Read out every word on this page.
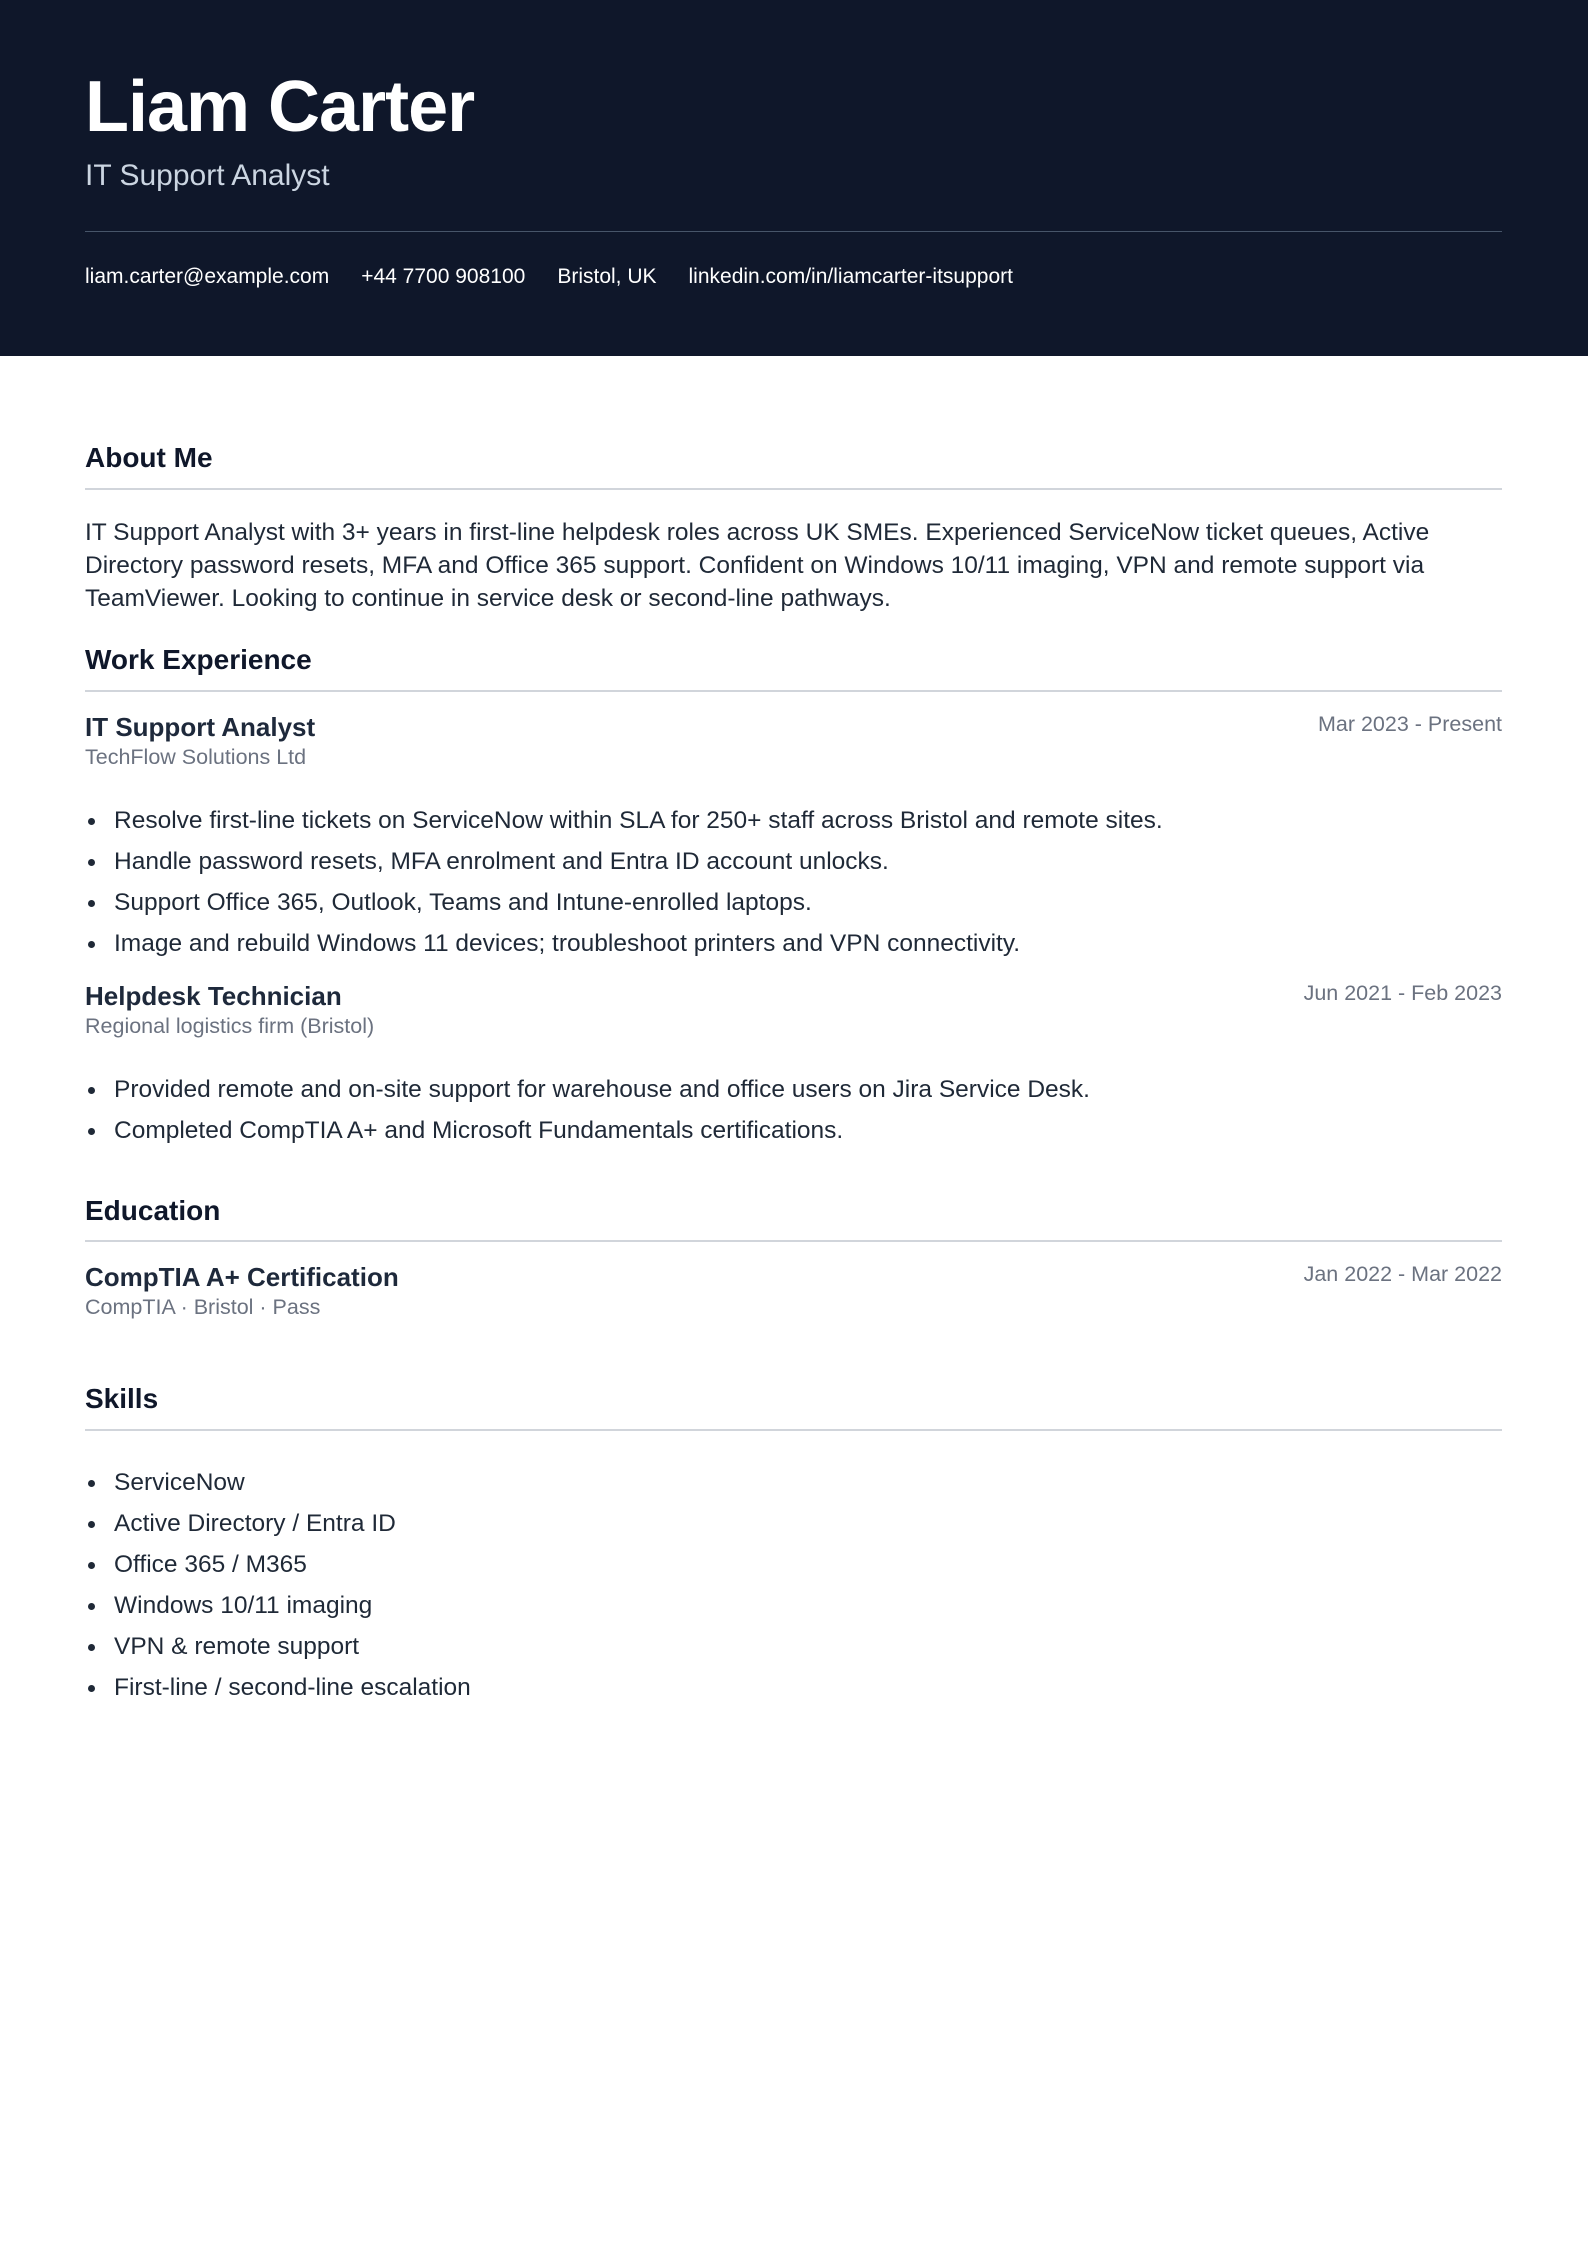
Liam Carter
IT Support Analyst
liam.carter@example.com +44 7700 908100 Bristol, UK linkedin.com/in/liamcarter-itsupport
About Me

IT Support Analyst with 3+ years in first-line helpdesk roles across UK SMEs. Experienced ServiceNow ticket queues, Active Directory password resets, MFA and Office 365 support. Confident on Windows 10/11 imaging, VPN and remote support via TeamViewer. Looking to continue in service desk or second-line pathways.

Work Experience
IT Support Analyst	Mar 2023 - Present
TechFlow Solutions Ltd
Resolve first-line tickets on ServiceNow within SLA for 250+ staff across Bristol and remote sites.
Handle password resets, MFA enrolment and Entra ID account unlocks.
Support Office 365, Outlook, Teams and Intune-enrolled laptops.
Image and rebuild Windows 11 devices; troubleshoot printers and VPN connectivity.
Helpdesk Technician	Jun 2021 - Feb 2023
Regional logistics firm (Bristol)
Provided remote and on-site support for warehouse and office users on Jira Service Desk.
Completed CompTIA A+ and Microsoft Fundamentals certifications.
Education
CompTIA A+ Certification	Jan 2022 - Mar 2022
CompTIA · Bristol · Pass
Skills
ServiceNow
Active Directory / Entra ID
Office 365 / M365
Windows 10/11 imaging
VPN & remote support
First-line / second-line escalation
